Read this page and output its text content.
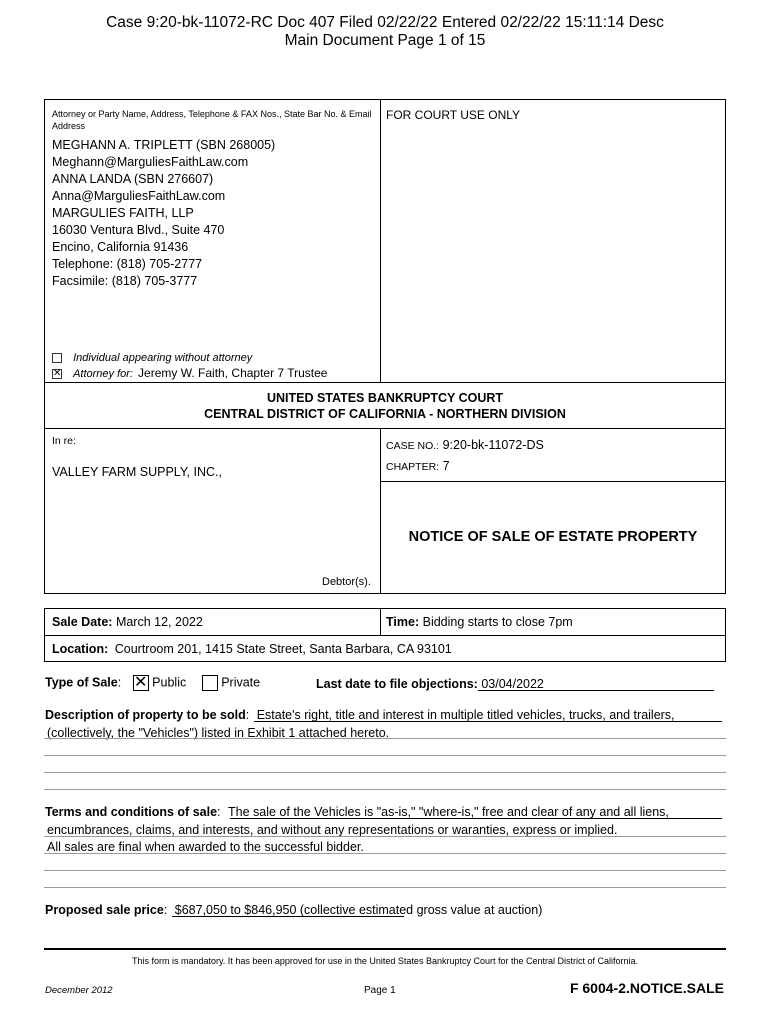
Case 9:20-bk-11072-RC Doc 407 Filed 02/22/22 Entered 02/22/22 15:11:14 Desc
Main Document Page 1 of 15
Attorney or Party Name, Address, Telephone & FAX Nos., State Bar No. & Email Address
FOR COURT USE ONLY
MEGHANN A. TRIPLETT (SBN 268005)
Meghann@MarguliesFaithLaw.com
ANNA LANDA (SBN 276607)
Anna@MarguliesFaithLaw.com
MARGULIES FAITH, LLP
16030 Ventura Blvd., Suite 470
Encino, California 91436
Telephone: (818) 705-2777
Facsimile: (818) 705-3777
Individual appearing without attorney
✕ Attorney for: Jeremy W. Faith, Chapter 7 Trustee
UNITED STATES BANKRUPTCY COURT
CENTRAL DISTRICT OF CALIFORNIA - NORTHERN DIVISION
In re:
VALLEY FARM SUPPLY, INC.,
Debtor(s).
CASE NO.: 9:20-bk-11072-DS
CHAPTER: 7
NOTICE OF SALE OF ESTATE PROPERTY
Sale Date: March 12, 2022	Time: Bidding starts to close 7pm
Location: Courtroom 201, 1415 State Street, Santa Barbara, CA 93101
Type of Sale: ✕ Public	Private	Last date to file objections: 03/04/2022
Description of property to be sold: Estate's right, title and interest in multiple titled vehicles, trucks, and trailers,
(collectively, the "Vehicles") listed in Exhibit 1 attached hereto.
Terms and conditions of sale: The sale of the Vehicles is "as-is," "where-is," free and clear of any and all liens,
encumbrances, claims, and interests, and without any representations or waranties, express or implied.
All sales are final when awarded to the successful bidder.
Proposed sale price: $687,050 to $846,950 (collective estimated gross value at auction)
This form is mandatory. It has been approved for use in the United States Bankruptcy Court for the Central District of California.
December 2012	Page 1	F 6004-2.NOTICE.SALE
